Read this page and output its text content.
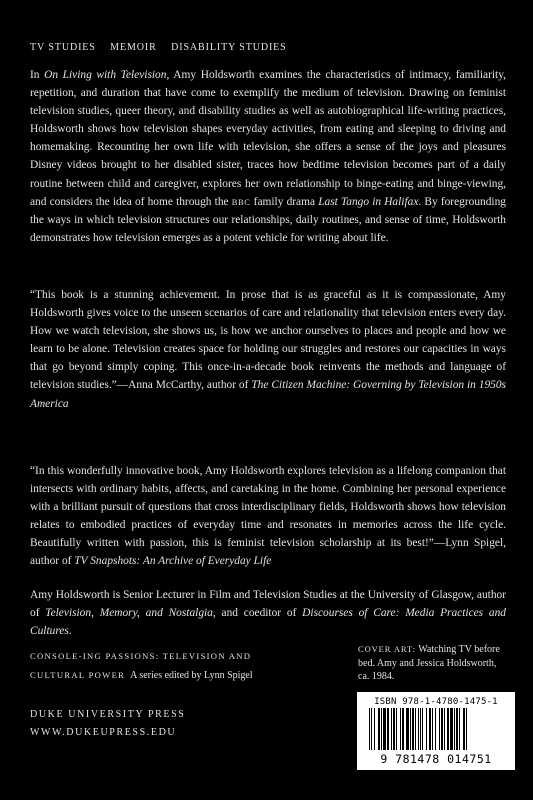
TV STUDIES MEMOIR DISABILITY STUDIES

In On Living with Television, Amy Holdsworth examines the characteristics of intimacy, familiarity, repetition, and duration that have come to exemplify the medium of television. Drawing on feminist television studies, queer theory, and disability studies as well as autobiographical life-writing practices, Holdsworth shows how television shapes everyday activities, from eating and sleeping to driving and homemaking. Recounting her own life with television, she offers a sense of the joys and pleasures Disney videos brought to her disabled sister, traces how bedtime television becomes part of a daily routine between child and caregiver, explores her own relationship to binge-eating and binge-viewing, and considers the idea of home through the BBC family drama Last Tango in Halifax. By foregrounding the ways in which television structures our relationships, daily routines, and sense of time, Holdsworth demonstrates how television emerges as a potent vehicle for writing about life.

“This book is a stunning achievement. In prose that is as graceful as it is compassionate, Amy Holdsworth gives voice to the unseen scenarios of care and relationality that television enters every day. How we watch television, she shows us, is how we anchor ourselves to places and people and how we learn to be alone. Television creates space for holding our struggles and restores our capacities in ways that go beyond simply coping. This once-in-a-decade book reinvents the methods and language of television studies.”—Anna McCarthy, author of The Citizen Machine: Governing by Television in 1950s America

“In this wonderfully innovative book, Amy Holdsworth explores television as a lifelong companion that intersects with ordinary habits, affects, and caretaking in the home. Combining her personal experience with a brilliant pursuit of questions that cross interdisciplinary fields, Holdsworth shows how television relates to embodied practices of everyday time and resonates in memories across the life cycle. Beautifully written with passion, this is feminist television scholarship at its best!”—Lynn Spigel, author of TV Snapshots: An Archive of Everyday Life

Amy Holdsworth is Senior Lecturer in Film and Television Studies at the University of Glasgow, author of Television, Memory, and Nostalgia, and coeditor of Discourses of Care: Media Practices and Cultures.

CONSOLE-ING PASSIONS: TELEVISION AND
CULTURAL POWER A series edited by Lynn Spigel
COVER ART: Watching TV before bed. Amy and Jessica Holdsworth, ca. 1984.
DUKE UNIVERSITY PRESS
WWW.DUKEUPRESS.EDU
ISBN 978-1-4780-1475-1
9 781478 014751
